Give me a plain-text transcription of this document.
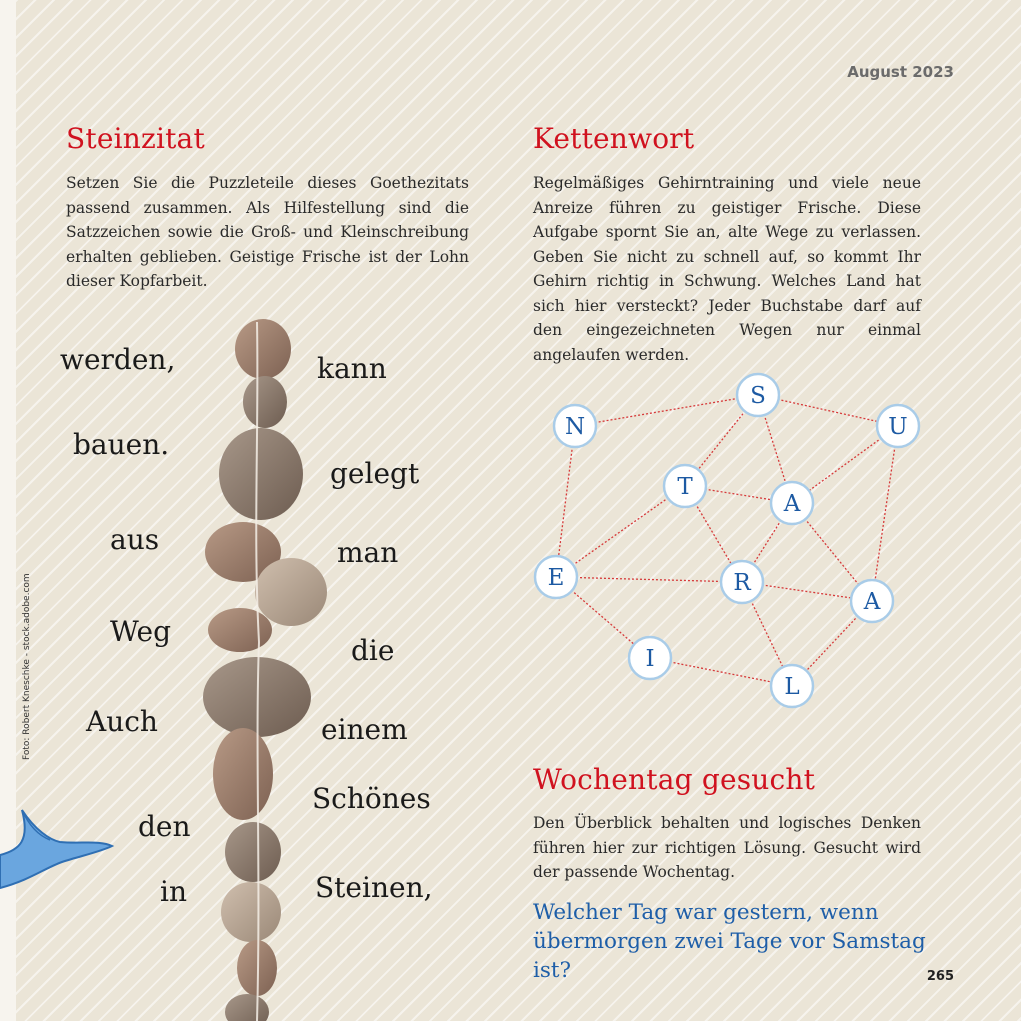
August 2023
Foto: Robert Kneschke - stock.adobe.com
Steinzitat

Setzen Sie die Puzzleteile dieses Goethezitats passend zusammen. Als Hilfestellung sind die Satzzeichen sowie die Groß- und Kleinschreibung erhalten geblieben. Geistige Frische ist der Lohn dieser Kopfarbeit.

werden,
bauen.
aus
Weg
Auch
den
in
kann
gelegt
man
die
einem
Schönes
Steinen,
Kettenwort

Regelmäßiges Gehirntraining und viele neue Anreize führen zu geistiger Frische. Diese Aufgabe spornt Sie an, alte Wege zu verlassen. Geben Sie nicht zu schnell auf, so kommt Ihr Gehirn richtig in Schwung. Welches Land hat sich hier versteckt? Jeder Buchstabe darf auf den eingezeichneten Wegen nur einmal angelaufen werden.

S
N	U
T
A
E	R
A
I
L
Wochentag gesucht

Den Überblick behalten und logisches Denken führen hier zur richtigen Lösung. Gesucht wird der passende Wochentag.

Welcher Tag war gestern, wenn übermorgen zwei Tage vor Samstag ist?	265
